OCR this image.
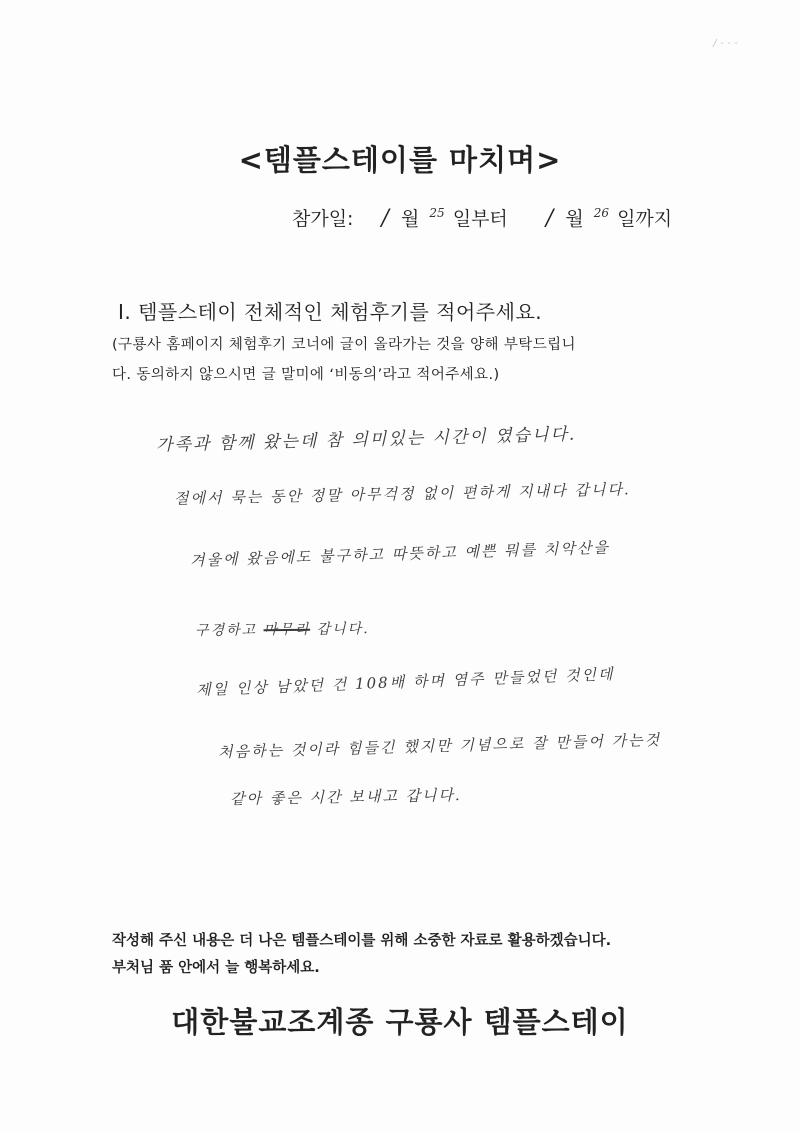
/---
<템플스테이를 마치며>
참가일: / 월 $^{25}$ 일부터 / 월 $^{26}$ 일까지
Ⅰ. 템플스테이 전체적인 체험후기를 적어주세요.
(구룡사 홈페이지 체험후기 코너에 글이 올라가는 것을 양해 부탁드립니
다. 동의하지 않으시면 글 말미에 ‘비동의’라고 적어주세요.)
가족과 함께 왔는데 참 의미있는 시간이 였습니다.
절에서 묵는 동안 정말 아무걱정 없이 편하게 지내다 갑니다.
겨울에 왔음에도 불구하고 따뜻하고 예쁜 뭐를 치악산을
구경하고 마무리 갑니다.
제일 인상 남았던 건 108배 하며 염주 만들었던 것인데
처음하는 것이라 힘들긴 했지만 기념으로 잘 만들어 가는것
같아 좋은 시간 보내고 갑니다.
작성해 주신 내용은 더 나은 템플스테이를 위해 소중한 자료로 활용하겠습니다.
부처님 품 안에서 늘 행복하세요.
대한불교조계종 구룡사 템플스테이
